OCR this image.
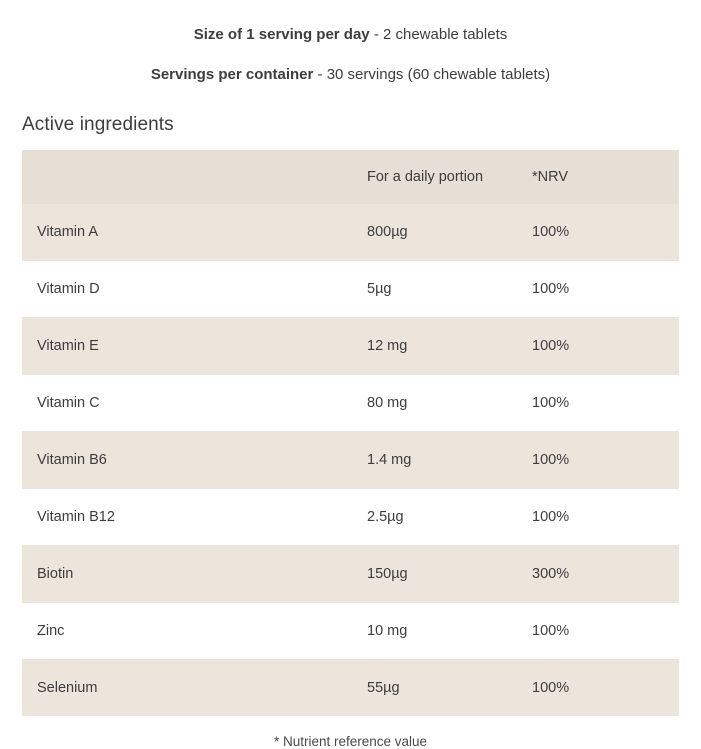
Size of 1 serving per day - 2 chewable tablets
Servings per container - 30 servings (60 chewable tablets)
Active ingredients
	For a daily portion	*NRV
Vitamin A	800µg	100%
Vitamin D	5µg	100%
Vitamin E	12 mg	100%
Vitamin C	80 mg	100%
Vitamin B6	1.4 mg	100%
Vitamin B12	2.5µg	100%
Biotin	150µg	300%
Zinc	10 mg	100%
Selenium	55µg	100%
* Nutrient reference value
